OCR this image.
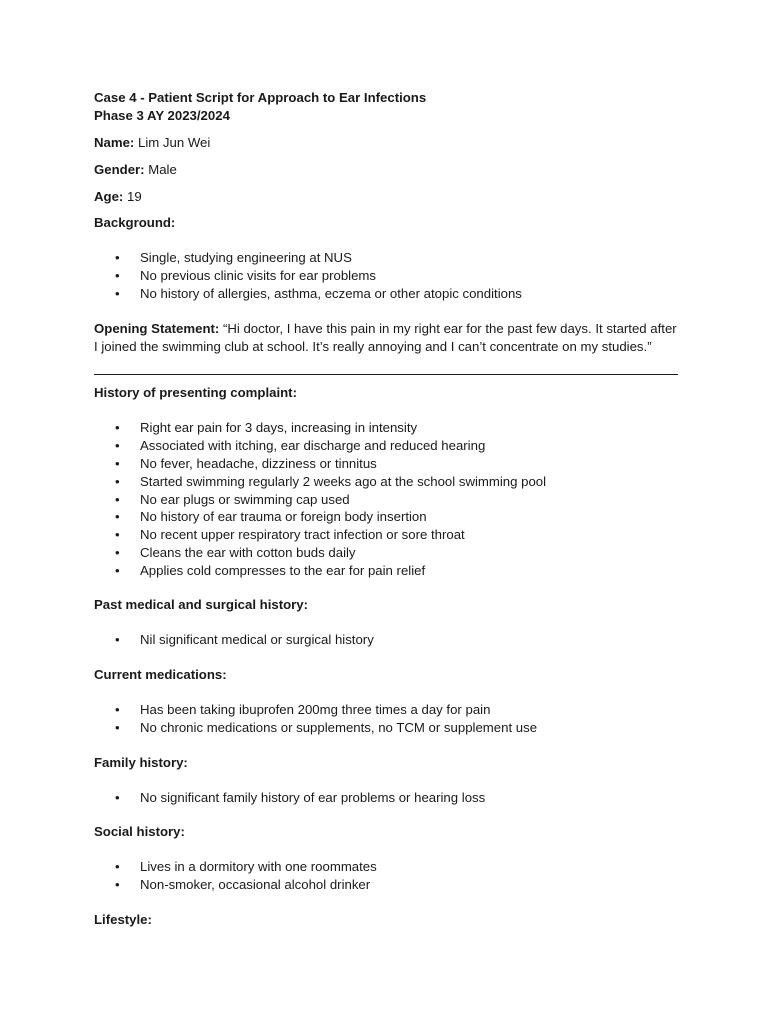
Case 4 - Patient Script for Approach to Ear Infections
Phase 3 AY 2023/2024
Name: Lim Jun Wei
Gender: Male
Age: 19
Background:
• Single, studying engineering at NUS
• No previous clinic visits for ear problems
• No history of allergies, asthma, eczema or other atopic conditions
Opening Statement: “Hi doctor, I have this pain in my right ear for the past few days. It started after I joined the swimming club at school. It’s really annoying and I can’t concentrate on my studies.”
History of presenting complaint:
• Right ear pain for 3 days, increasing in intensity
• Associated with itching, ear discharge and reduced hearing
• No fever, headache, dizziness or tinnitus
• Started swimming regularly 2 weeks ago at the school swimming pool
• No ear plugs or swimming cap used
• No history of ear trauma or foreign body insertion
• No recent upper respiratory tract infection or sore throat
• Cleans the ear with cotton buds daily
• Applies cold compresses to the ear for pain relief
Past medical and surgical history:
• Nil significant medical or surgical history
Current medications:
• Has been taking ibuprofen 200mg three times a day for pain
• No chronic medications or supplements, no TCM or supplement use
Family history:
• No significant family history of ear problems or hearing loss
Social history:
• Lives in a dormitory with one roommates
• Non-smoker, occasional alcohol drinker
Lifestyle:
